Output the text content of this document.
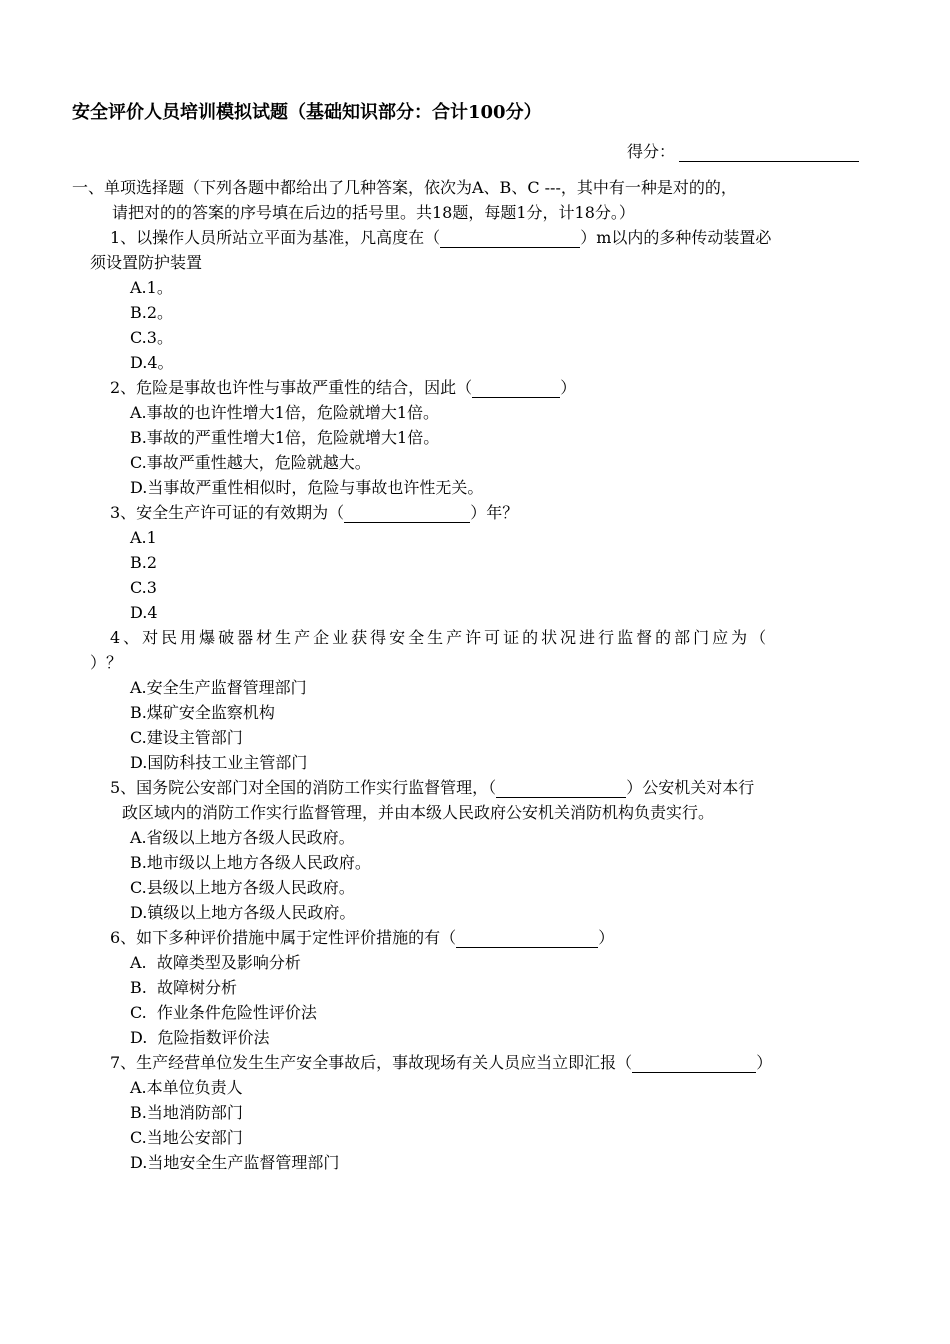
安全评价人员培训模拟试题（基础知识部分：合计100分）
得分：
一、单项选择题（下列各题中都给出了几种答案，依次为A、B、C ---，其中有一种是对的的，
请把对的的答案的序号填在后边的括号里。共18题，每题1分，计18分。）
1、以操作人员所站立平面为基准，凡高度在（	）m以内的多种传动装置必
须设置防护装置
A.1。
B.2。
C.3。
D.4。
2、危险是事故也许性与事故严重性的结合，因此（	）
A.事故的也许性增大1倍，危险就增大1倍。
B.事故的严重性增大1倍，危险就增大1倍。
C.事故严重性越大，危险就越大。
D.当事故严重性相似时，危险与事故也许性无关。
3、安全生产许可证的有效期为（	）年？
A.1
B.2
C.3
D.4
4、对民用爆破器材生产企业获得安全生产许可证的状况进行监督的部门应为（
）？
A.安全生产监督管理部门
B.煤矿安全监察机构
C.建设主管部门
D.国防科技工业主管部门
5、国务院公安部门对全国的消防工作实行监督管理，（	）公安机关对本行
政区域内的消防工作实行监督管理，并由本级人民政府公安机关消防机构负责实行。
A.省级以上地方各级人民政府。
B.地市级以上地方各级人民政府。
C.县级以上地方各级人民政府。
D.镇级以上地方各级人民政府。
6、如下多种评价措施中属于定性评价措施的有（	）
A.  故障类型及影响分析
B.  故障树分析
C.  作业条件危险性评价法
D.  危险指数评价法
7、生产经营单位发生生产安全事故后，事故现场有关人员应当立即汇报（	）
A.本单位负责人
B.当地消防部门
C.当地公安部门
D.当地安全生产监督管理部门
